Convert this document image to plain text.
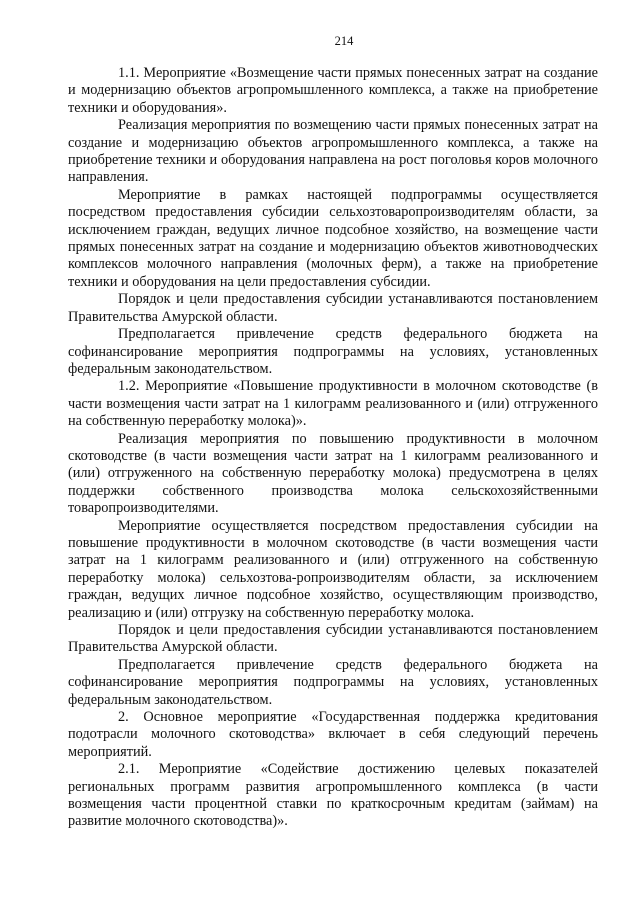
214

1.1. Мероприятие «Возмещение части прямых понесенных затрат на создание и модернизацию объектов агропромышленного комплекса, а также на приобретение техники и оборудования».

Реализация мероприятия по возмещению части прямых понесенных затрат на создание и модернизацию объектов агропромышленного комплекса, а также на приобретение техники и оборудования направлена на рост поголовья коров молочного направления.

Мероприятие в рамках настоящей подпрограммы осуществляется посредством предоставления субсидии сельхозтоваропроизводителям области, за исключением граждан, ведущих личное подсобное хозяйство, на возмещение части прямых понесенных затрат на создание и модернизацию объектов животноводческих комплексов молочного направления (молочных ферм), а также на приобретение техники и оборудования на цели предоставления субсидии.

Порядок и цели предоставления субсидии устанавливаются постановлением Правительства Амурской области.

Предполагается привлечение средств федерального бюджета на софинансирование мероприятия подпрограммы на условиях, установленных федеральным законодательством.

1.2. Мероприятие «Повышение продуктивности в молочном скотоводстве (в части возмещения части затрат на 1 килограмм реализованного и (или) отгруженного на собственную переработку молока)».

Реализация мероприятия по повышению продуктивности в молочном скотоводстве (в части возмещения части затрат на 1 килограмм реализованного и (или) отгруженного на собственную переработку молока) предусмотрена в целях поддержки собственного производства молока сельскохозяйственными товаропроизводителями.

Мероприятие осуществляется посредством предоставления субсидии на повышение продуктивности в молочном скотоводстве (в части возмещения части затрат на 1 килограмм реализованного и (или) отгруженного на собственную переработку молока) сельхозтова-ропроизводителям области, за исключением граждан, ведущих личное подсобное хозяйство, осуществляющим производство, реализацию и (или) отгрузку на собственную переработку молока.

Порядок и цели предоставления субсидии устанавливаются постановлением Правительства Амурской области.

Предполагается привлечение средств федерального бюджета на софинансирование мероприятия подпрограммы на условиях, установленных федеральным законодательством.

2. Основное мероприятие «Государственная поддержка кредитования подотрасли молочного скотоводства» включает в себя следующий перечень мероприятий.

2.1. Мероприятие «Содействие достижению целевых показателей региональных программ развития агропромышленного комплекса (в части возмещения части процентной ставки по краткосрочным кредитам (займам) на развитие молочного скотоводства)».
